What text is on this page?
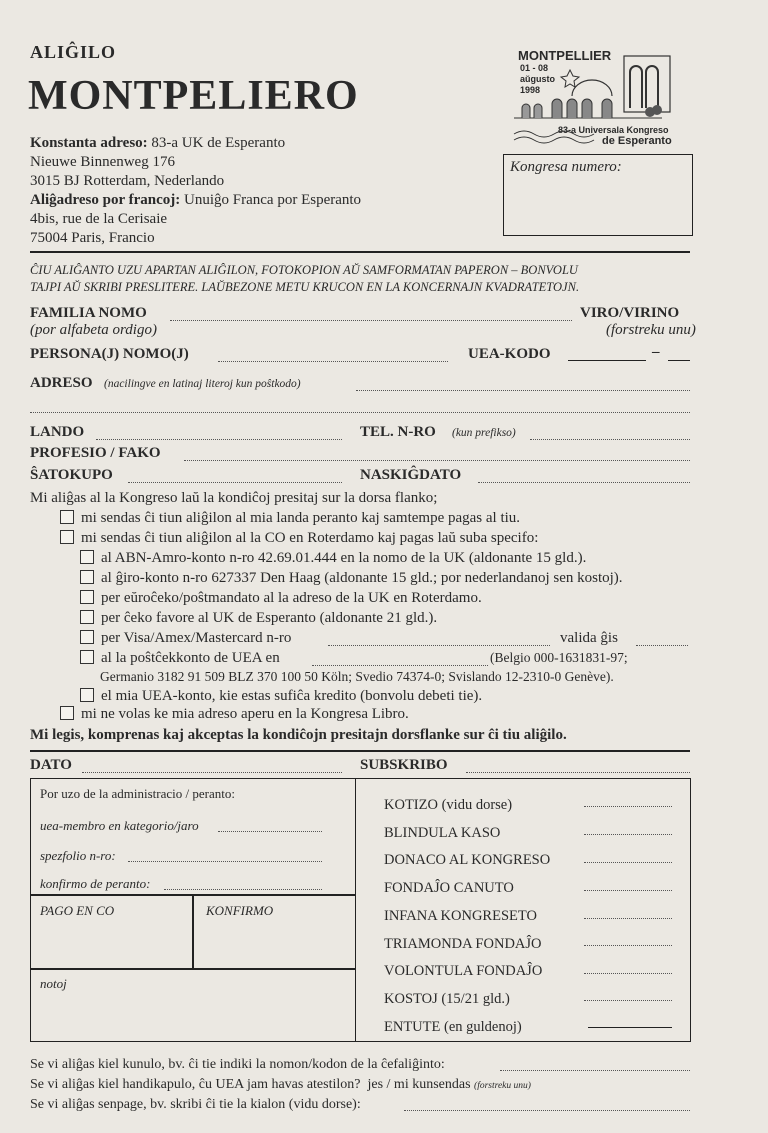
ALIĜILO
MONTPELIERO
Konstanta adreso: 83-a UK de Esperanto
Nieuwe Binnenweg 176
3015 BJ Rotterdam, Nederlando
Aliĝadreso por francoj: Unuiĝo Franca por Esperanto
4bis, rue de la Cerisaie
75004 Paris, Francio
MONTPELLIER
01 - 08
aŭgusto
1998
83-a Universala Kongreso
de Esperanto
Kongresa numero:
ĈIU ALIĜANTO UZU APARTAN ALIĜILON, FOTOKOPION AŬ SAMFORMATAN PAPERON – BONVOLU
TAJPI AŬ SKRIBI PRESLITERE. LAŬBEZONE METU KRUCON EN LA KONCERNAJN KVADRATETOJN.
FAMILIA NOMO	VIRO/VIRINO
(por alfabeta ordigo)	(forstreku unu)
PERSONA(J) NOMO(J)	UEA-KODO	–
ADRESO (nacilingve en latinaj literoj kun poŝtkodo)
LANDO	TEL. N-RO (kun prefikso)
PROFESIO / FAKO
ŜATOKUPO	NASKIĜDATO
Mi aliĝas al la Kongreso laŭ la kondiĉoj presitaj sur la dorsa flanko;
mi sendas ĉi tiun aliĝilon al mia landa peranto kaj samtempe pagas al tiu.
mi sendas ĉi tiun aliĝilon al la CO en Roterdamo kaj pagas laŭ suba specifo:
al ABN-Amro-konto n-ro 42.69.01.444 en la nomo de la UK (aldonante 15 gld.).
al ĝiro-konto n-ro 627337 Den Haag (aldonante 15 gld.; por nederlandanoj sen kostoj).
per eŭroĉeko/poŝtmandato al la adreso de la UK en Roterdamo.
per ĉeko favore al UK de Esperanto (aldonante 21 gld.).
per Visa/Amex/Mastercard n-ro	valida ĝis
al la poŝtĉekkonto de UEA en	(Belgio 000-1631831-97;
Germanio 3182 91 509 BLZ 370 100 50 Köln; Svedio 74374-0; Svislando 12-2310-0 Genève).
el mia UEA-konto, kie estas sufiĉa kredito (bonvolu debeti tie).
mi ne volas ke mia adreso aperu en la Kongresa Libro.
Mi legis, komprenas kaj akceptas la kondiĉojn presitajn dorsflanke sur ĉi tiu aliĝilo.
DATO	SUBSKRIBO
Por uzo de la administracio / peranto:
uea-membro en kategorio/jaro
spezfolio n-ro:
konfirmo de peranto:
PAGO EN CO	KONFIRMO
notoj
KOTIZO (vidu dorse)
BLINDULA KASO
DONACO AL KONGRESO
FONDAĴO CANUTO
INFANA KONGRESETO
TRIAMONDA FONDAĴO
VOLONTULA FONDAĴO
KOSTOJ (15/21 gld.)
ENTUTE (en guldenoj)
Se vi aliĝas kiel kunulo, bv. ĉi tie indiki la nomon/kodon de la ĉefaliĝinto:
Se vi aliĝas kiel handikapulo, ĉu UEA jam havas atestilon? jes / mi kunsendas (forstreku unu)
Se vi aliĝas senpage, bv. skribi ĉi tie la kialon (vidu dorse):
